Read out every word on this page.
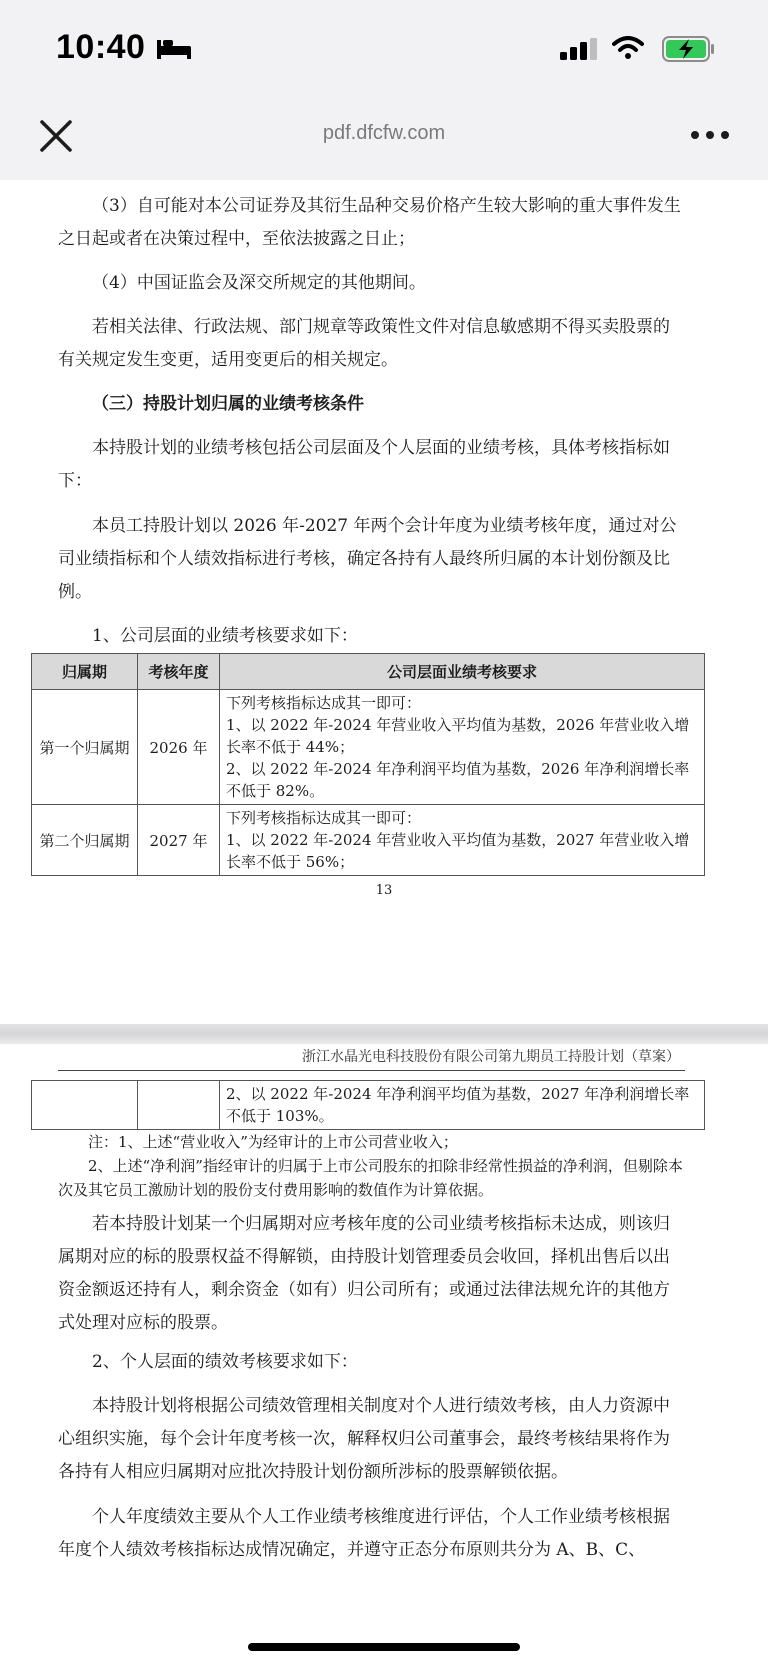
10:40
pdf.dfcfw.com

（3）自可能对本公司证券及其衍生品种交易价格产生较大影响的重大事件发生之日起或者在决策过程中，至依法披露之日止；

（4）中国证监会及深交所规定的其他期间。

若相关法律、行政法规、部门规章等政策性文件对信息敏感期不得买卖股票的有关规定发生变更，适用变更后的相关规定。

（三）持股计划归属的业绩考核条件

本持股计划的业绩考核包括公司层面及个人层面的业绩考核，具体考核指标如下：

本员工持股计划以 2026 年-2027 年两个会计年度为业绩考核年度，通过对公司业绩指标和个人绩效指标进行考核，确定各持有人最终所归属的本计划份额及比例。

1、公司层面的业绩考核要求如下：

归属期	考核年度	公司层面业绩考核要求
第一个归属期	2026 年	下列考核指标达成其一即可：
1、以 2022 年-2024 年营业收入平均值为基数，2026 年营业收入增长率不低于 44%；
2、以 2022 年-2024 年净利润平均值为基数，2026 年净利润增长率不低于 82%。

第二个归属期	2027 年	下列考核指标达成其一即可：
1、以 2022 年-2024 年营业收入平均值为基数，2027 年营业收入增长率不低于 56%；
13
浙江水晶光电科技股份有限公司第九期员工持股计划（草案）
		2、以 2022 年-2024 年净利润平均值为基数，2027 年净利润增长率不低于 103%。

注：1、上述“营业收入”为经审计的上市公司营业收入；

2、上述“净利润”指经审计的归属于上市公司股东的扣除非经常性损益的净利润，但剔除本次及其它员工激励计划的股份支付费用影响的数值作为计算依据。

若本持股计划某一个归属期对应考核年度的公司业绩考核指标未达成，则该归属期对应的标的股票权益不得解锁，由持股计划管理委员会收回，择机出售后以出资金额返还持有人，剩余资金（如有）归公司所有；或通过法律法规允许的其他方式处理对应标的股票。

2、个人层面的绩效考核要求如下：

本持股计划将根据公司绩效管理相关制度对个人进行绩效考核，由人力资源中心组织实施，每个会计年度考核一次，解释权归公司董事会，最终考核结果将作为各持有人相应归属期对应批次持股计划份额所涉标的股票解锁依据。

个人年度绩效主要从个人工作业绩考核维度进行评估，个人工作业绩考核根据年度个人绩效考核指标达成情况确定，并遵守正态分布原则共分为 A、B、C、
